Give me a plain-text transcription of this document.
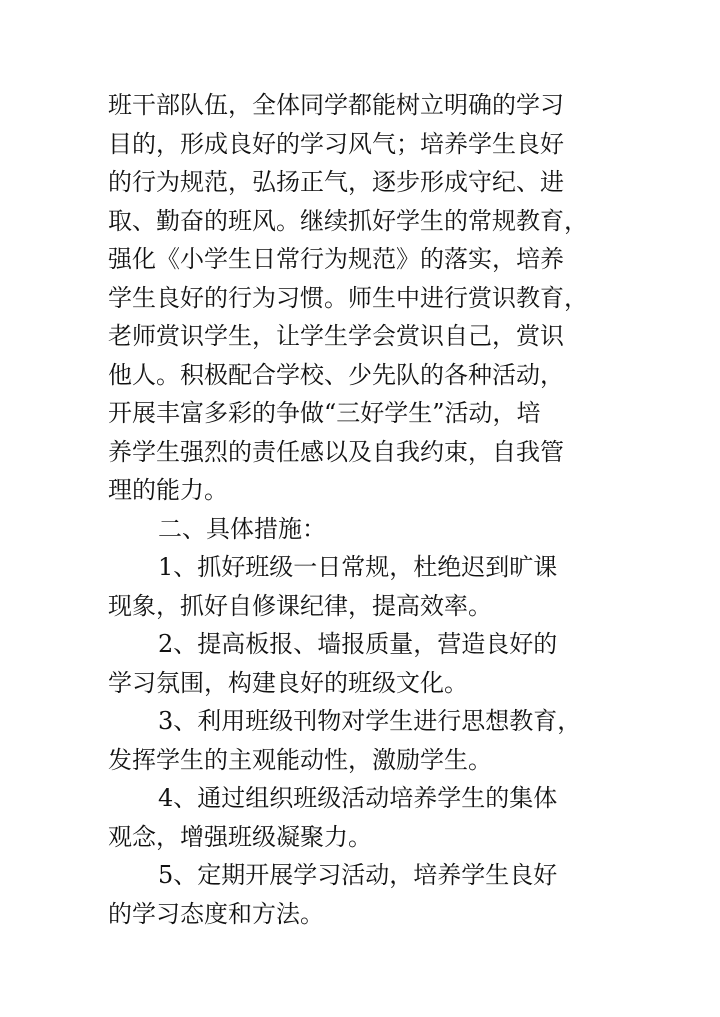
班干部队伍，全体同学都能树立明确的学习
目的，形成良好的学习风气；培养学生良好
的行为规范，弘扬正气，逐步形成守纪、进
取、勤奋的班风。继续抓好学生的常规教育，
强化《小学生日常行为规范》的落实，培养
学生良好的行为习惯。师生中进行赏识教育，
老师赏识学生，让学生学会赏识自己，赏识
他人。积极配合学校、少先队的各种活动，
开展丰富多彩的争做“三好学生”活动，培
养学生强烈的责任感以及自我约束，自我管
理的能力。
二、具体措施：
1、抓好班级一日常规，杜绝迟到旷课
现象，抓好自修课纪律，提高效率。
2、提高板报、墙报质量，营造良好的
学习氛围，构建良好的班级文化。
3、利用班级刊物对学生进行思想教育，
发挥学生的主观能动性，激励学生。
4、通过组织班级活动培养学生的集体
观念，增强班级凝聚力。
5、定期开展学习活动，培养学生良好
的学习态度和方法。
